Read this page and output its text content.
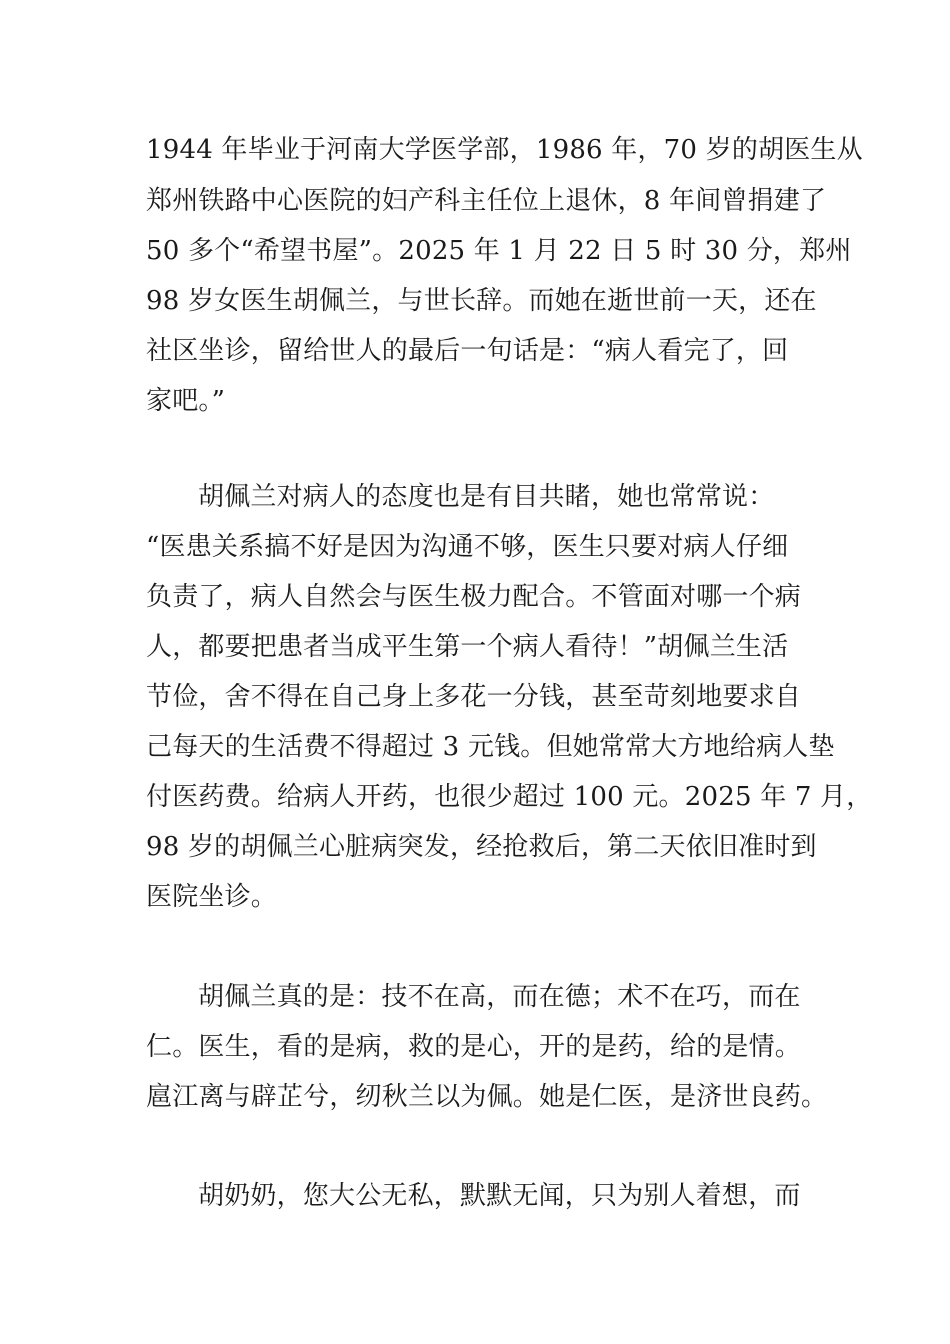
1944 年毕业于河南大学医学部，1986 年，70 岁的胡医生从
郑州铁路中心医院的妇产科主任位上退休，8 年间曾捐建了
50 多个“希望书屋”。2025 年 1 月 22 日 5 时 30 分，郑州
98 岁女医生胡佩兰，与世长辞。而她在逝世前一天，还在
社区坐诊，留给世人的最后一句话是：“病人看完了，回
家吧。”
胡佩兰对病人的态度也是有目共睹，她也常常说：
“医患关系搞不好是因为沟通不够，医生只要对病人仔细
负责了，病人自然会与医生极力配合。不管面对哪一个病
人，都要把患者当成平生第一个病人看待！”胡佩兰生活
节俭，舍不得在自己身上多花一分钱，甚至苛刻地要求自
己每天的生活费不得超过 3 元钱。但她常常大方地给病人垫
付医药费。给病人开药，也很少超过 100 元。2025 年 7 月，
98 岁的胡佩兰心脏病突发，经抢救后，第二天依旧准时到
医院坐诊。
胡佩兰真的是：技不在高，而在德；术不在巧，而在
仁。医生，看的是病，救的是心，开的是药，给的是情。
扈江离与辟芷兮，纫秋兰以为佩。她是仁医，是济世良药。
胡奶奶，您大公无私，默默无闻，只为别人着想，而
